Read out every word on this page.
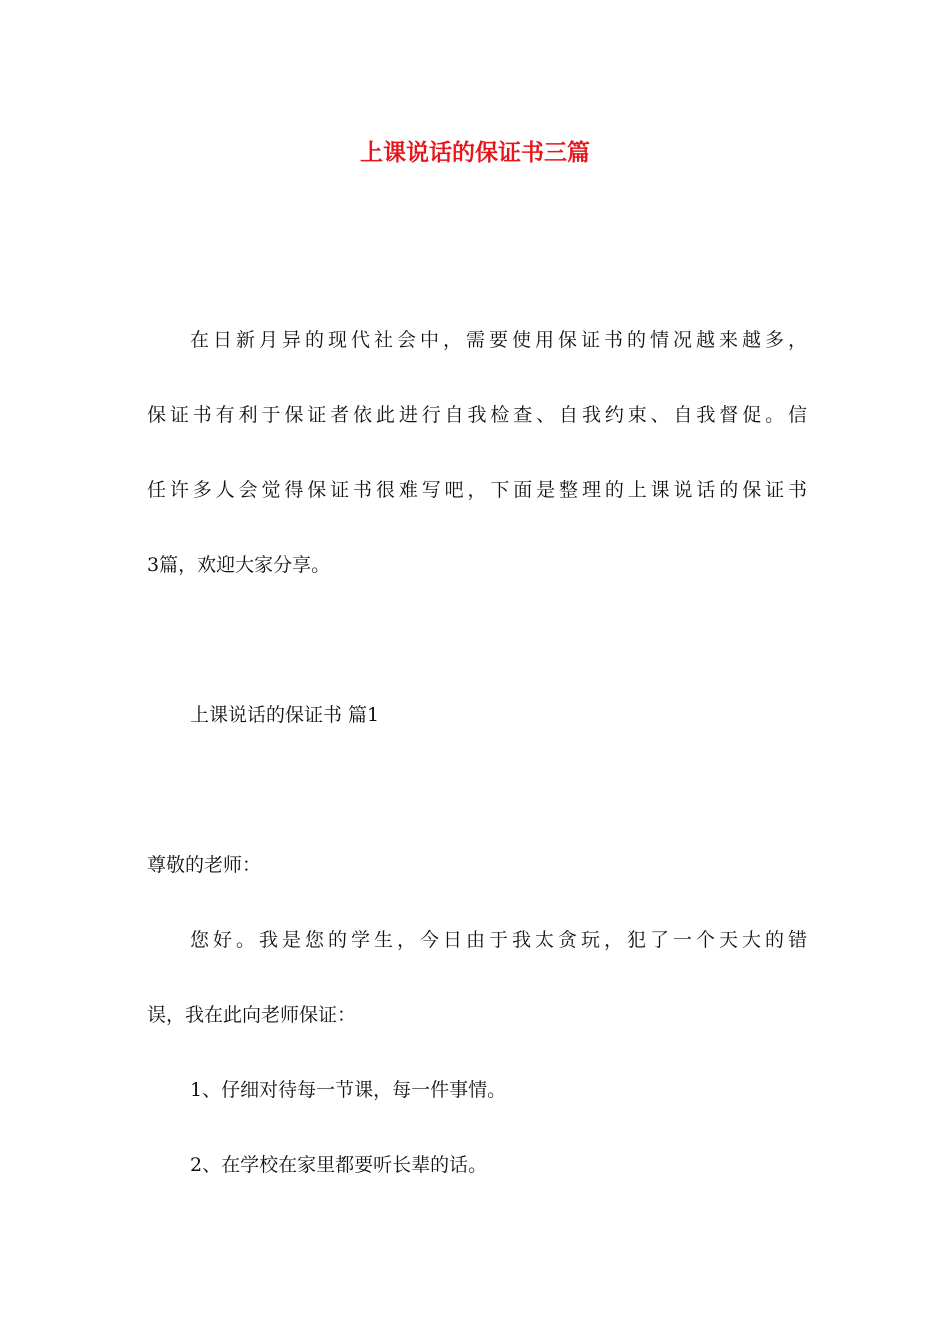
上课说话的保证书三篇

在日新月异的现代社会中，需要使用保证书的情况越来越多，

保证书有利于保证者依此进行自我检查、自我约束、自我督促。信

任许多人会觉得保证书很难写吧，下面是整理的上课说话的保证书

3篇，欢迎大家分享。

上课说话的保证书 篇1

尊敬的老师：

您好。我是您的学生，今日由于我太贪玩，犯了一个天大的错

误，我在此向老师保证：

1、仔细对待每一节课，每一件事情。

2、在学校在家里都要听长辈的话。
